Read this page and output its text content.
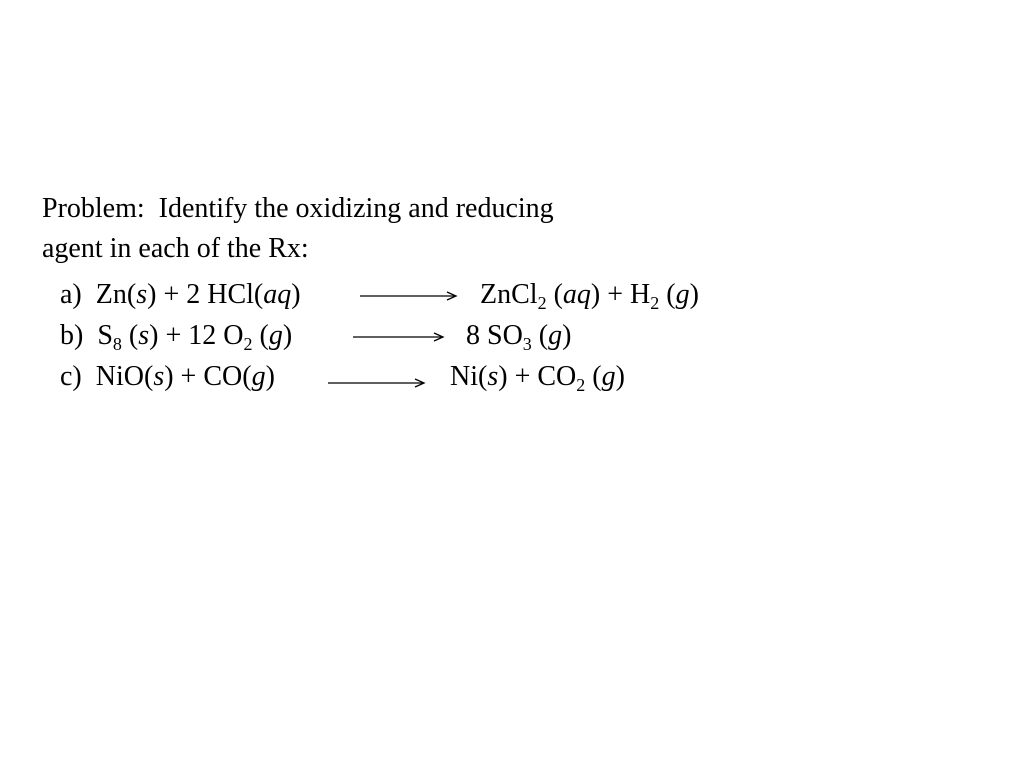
Problem: Identify the oxidizing and reducing
agent in each of the Rx:
a) Zn(s) + 2 HCl(aq)	ZnCl$_2$ $(aq) + H_2$ (g)
b) $S_8$ (s) + 12 $O_2$ (g)	8 $SO_3$ (g)
c) NiO(s) + CO(g)	$Ni(s) + CO_2$ (g)
